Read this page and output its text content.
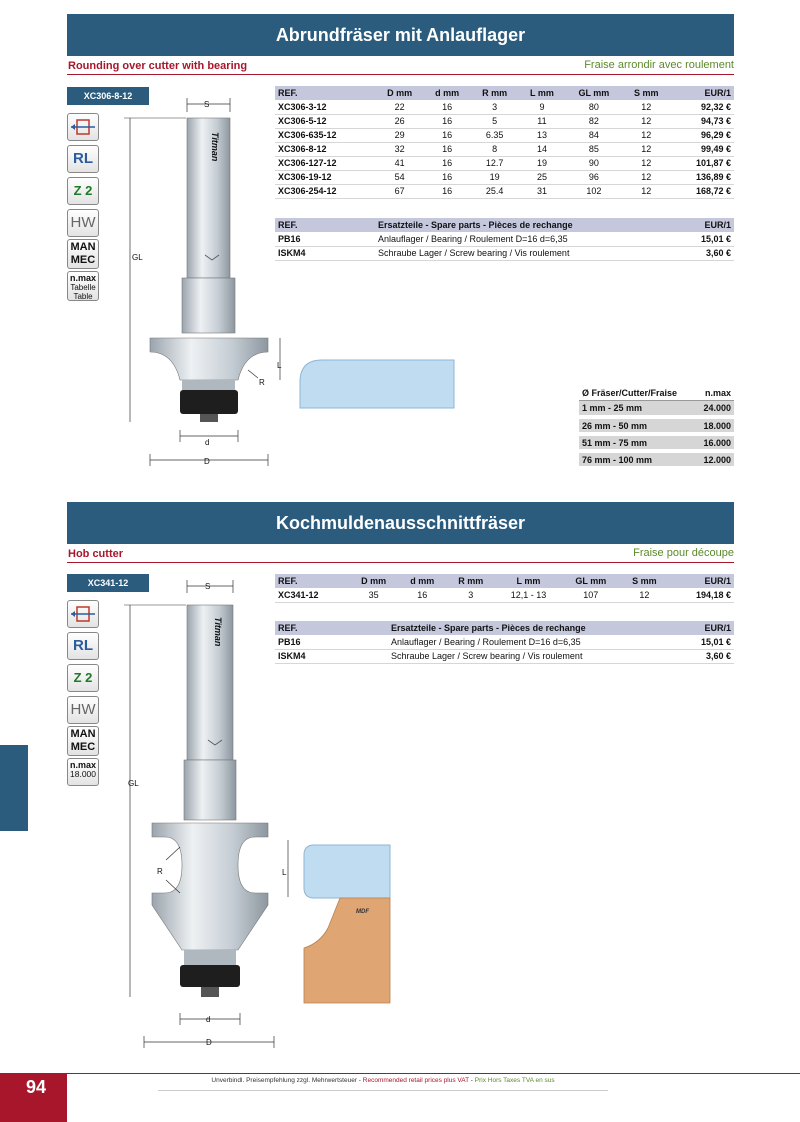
Abrundfräser mit Anlauflager
Rounding over cutter with bearing	Fraise arrondir avec roulement
XC306-8-12
RL
Z 2
HW
MAN
MEC
n.max
Tabelle
Table
S
Titman
GL
L
R
d
D
REF.	D mm	d mm	R mm	L mm	GL mm	S mm	EUR/1
XC306-3-12	22	16	3	9	80	12	92,32 €
XC306-5-12	26	16	5	11	82	12	94,73 €
XC306-635-12	29	16	6.35	13	84	12	96,29 €
XC306-8-12	32	16	8	14	85	12	99,49 €
XC306-127-12	41	16	12.7	19	90	12	101,87 €
XC306-19-12	54	16	19	25	96	12	136,89 €
XC306-254-12	67	16	25.4	31	102	12	168,72 €
REF.	Ersatzteile - Spare parts - Pièces de rechange	EUR/1
PB16	Anlauflager / Bearing / Roulement D=16 d=6,35	15,01 €
ISKM4	Schraube Lager / Screw bearing / Vis roulement	3,60 €
Ø Fräser/Cutter/Fraise	n.max
1 mm - 25 mm	24.000
26 mm - 50 mm	18.000
51 mm - 75 mm	16.000
76 mm - 100 mm	12.000
Kochmuldenausschnittfräser
Hob cutter	Fraise pour découpe
XC341-12
RL
Z 2
HW
MAN
MEC
n.max
18.000
S
Titman
GL
L
R
d
D
MDF
REF.	D mm	d mm	R mm	L mm	GL mm	S mm	EUR/1
XC341-12	35	16	3	12,1 - 13	107	12	194,18 €
REF.	Ersatzteile - Spare parts - Pièces de rechange	EUR/1
PB16	Anlauflager / Bearing / Roulement D=16 d=6,35	15,01 €
ISKM4	Schraube Lager / Screw bearing / Vis roulement	3,60 €
94	Unverbindl. Preisempfehlung zzgl. Mehrwertsteuer - Recommended retail prices plus VAT - Prix Hors Taxes TVA en sus
